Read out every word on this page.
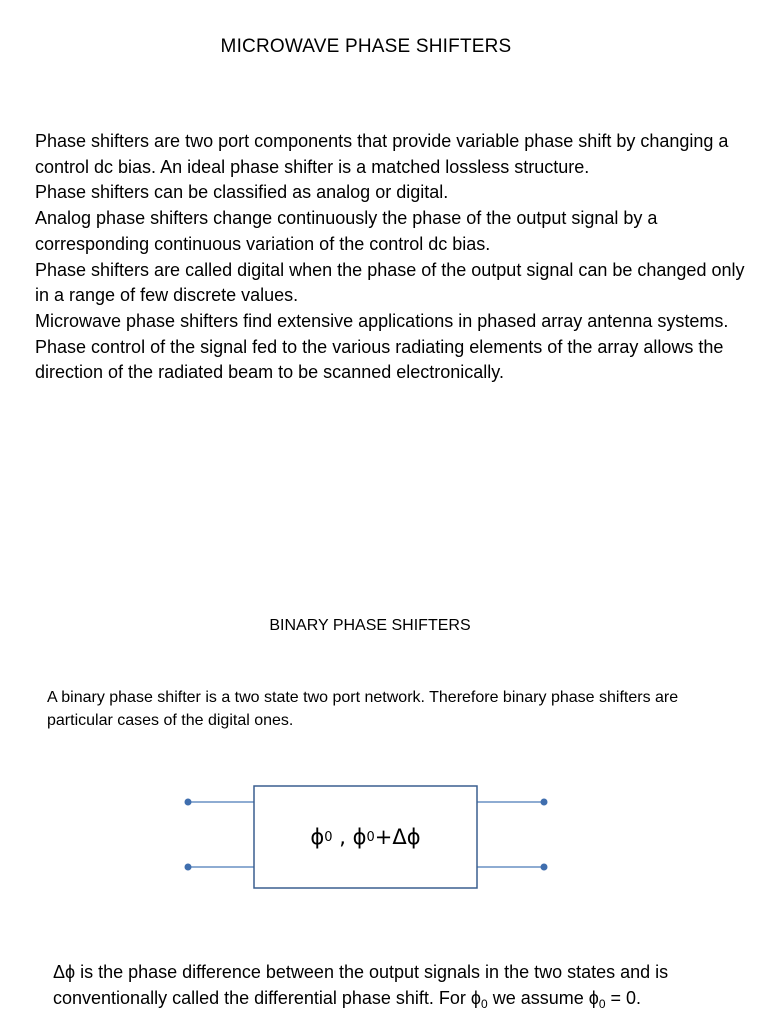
MICROWAVE PHASE SHIFTERS

Phase shifters are two port components that provide variable phase shift by changing a control dc bias. An ideal phase shifter is a matched lossless structure.

Phase shifters can be classified as analog or digital.

Analog phase shifters change continuously the phase of the output signal by a corresponding continuous variation of the control dc bias.

Phase shifters are called digital when the phase of the output signal can be changed only in a range of few discrete values.

Microwave phase shifters find extensive applications in phased array antenna systems. Phase control of the signal fed to the various radiating elements of the array allows the direction of the radiated beam to be scanned electronically.

BINARY PHASE SHIFTERS
A binary phase shifter is a two state two port network. Therefore binary phase shifters are particular cases of the digital ones.
ϕ 0 , ϕ 0 +Δϕ
Δϕ is the phase difference between the output signals in the two states and is conventionally called the differential phase shift. For $\phi_0$ we assume $\phi_0 = 0$.
